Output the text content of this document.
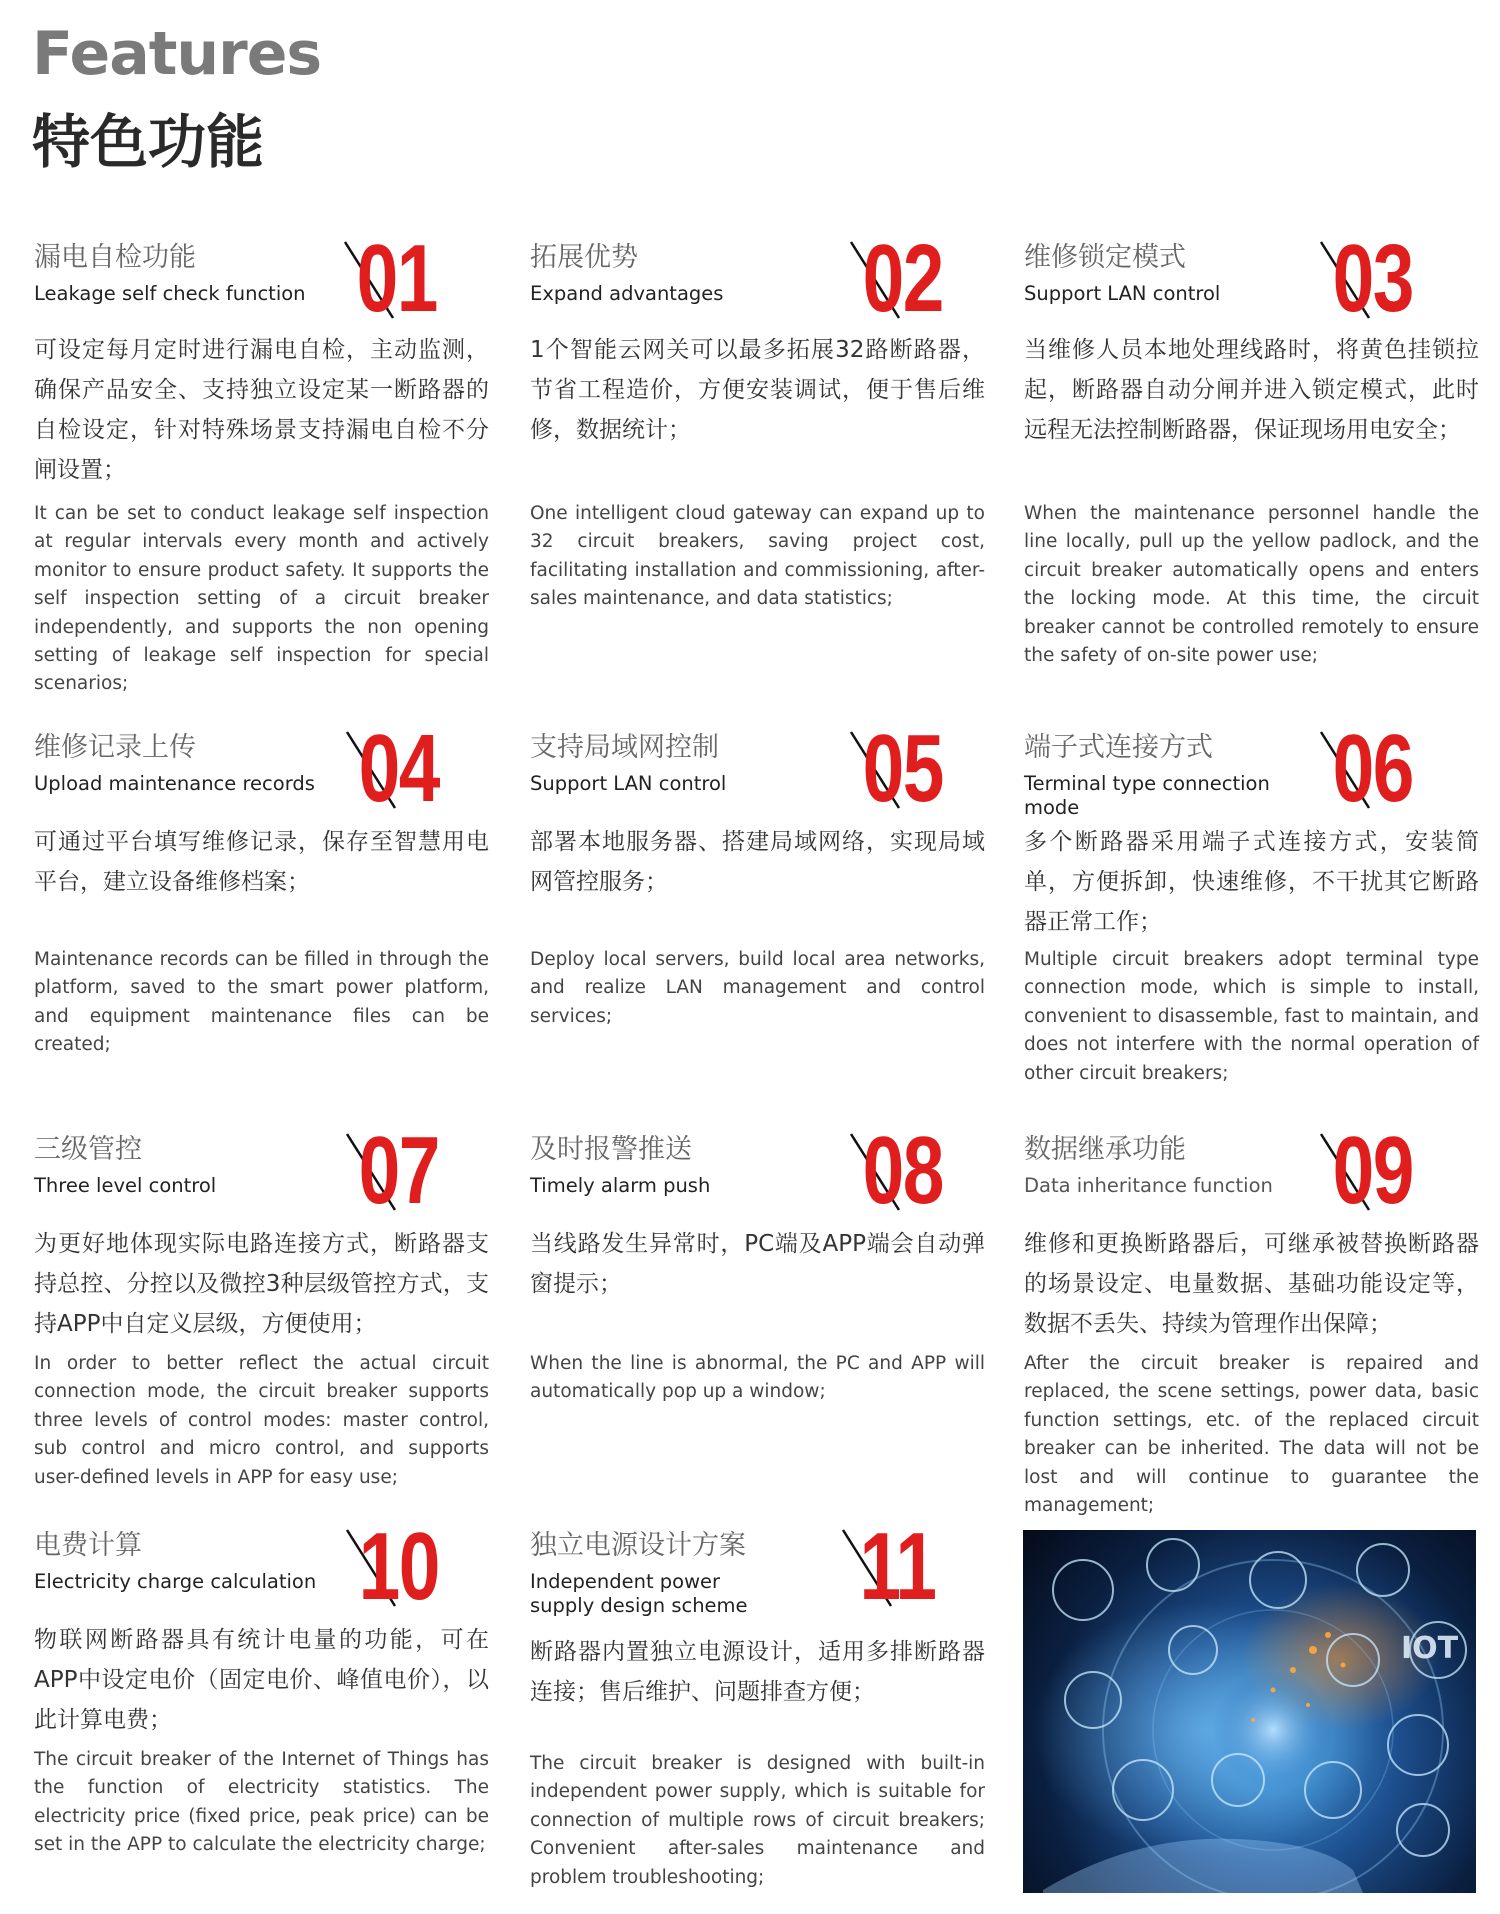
Features
特色功能
漏电自检功能
Leakage self check function 01
可设定每月定时进行漏电自检，主动监测，确保产品安全、支持独立设定某一断路器的自检设定，针对特殊场景支持漏电自检不分闸设置；
It can be set to conduct leakage self inspection at regular intervals every month and actively monitor to ensure product safety. It supports the self inspection setting of a circuit breaker independently, and supports the non opening setting of leakage self inspection for special scenarios;
拓展优势
Expand advantages	02
1个智能云网关可以最多拓展32路断路器，节省工程造价，方便安装调试，便于售后维修，数据统计；
One intelligent cloud gateway can expand up to 32 circuit breakers, saving project cost, facilitating installation and commissioning, after-sales maintenance, and data statistics;
维修锁定模式
Support LAN control	03
当维修人员本地处理线路时，将黄色挂锁拉起，断路器自动分闸并进入锁定模式，此时远程无法控制断路器，保证现场用电安全；
When the maintenance personnel handle the line locally, pull up the yellow padlock, and the circuit breaker automatically opens and enters the locking mode. At this time, the circuit breaker cannot be controlled remotely to ensure the safety of on-site power use;
维修记录上传
Upload maintenance records 04
可通过平台填写维修记录，保存至智慧用电平台，建立设备维修档案；
Maintenance records can be filled in through the platform, saved to the smart power platform, and equipment maintenance files can be created;
支持局域网控制
Support LAN control	05
部署本地服务器、搭建局域网络，实现局域网管控服务；
Deploy local servers, build local area networks, and realize LAN management and control services;
端子式连接方式
Terminal type connection mode	06
多个断路器采用端子式连接方式，安装简单，方便拆卸，快速维修，不干扰其它断路器正常工作；
Multiple circuit breakers adopt terminal type connection mode, which is simple to install, convenient to disassemble, fast to maintain, and does not interfere with the normal operation of other circuit breakers;
三级管控
Three level control	07
为更好地体现实际电路连接方式，断路器支持总控、分控以及微控3种层级管控方式，支持APP中自定义层级，方便使用；
In order to better reflect the actual circuit connection mode, the circuit breaker supports three levels of control modes: master control, sub control and micro control, and supports user-defined levels in APP for easy use;
及时报警推送
Timely alarm push	08
当线路发生异常时，PC端及APP端会自动弹窗提示；
When the line is abnormal, the PC and APP will automatically pop up a window;
数据继承功能
Data inheritance function 09
维修和更换断路器后，可继承被替换断路器的场景设定、电量数据、基础功能设定等，数据不丢失、持续为管理作出保障；
After the circuit breaker is repaired and replaced, the scene settings, power data, basic function settings, etc. of the replaced circuit breaker can be inherited. The data will not be lost and will continue to guarantee the management;
电费计算
Electricity charge calculation 10
物联网断路器具有统计电量的功能，可在APP中设定电价（固定电价、峰值电价），以此计算电费；
The circuit breaker of the Internet of Things has the function of electricity statistics. The electricity price (fixed price, peak price) can be set in the APP to calculate the electricity charge;
独立电源设计方案
Independent power supply design scheme	11
断路器内置独立电源设计，适用多排断路器连接；售后维护、问题排查方便；
The circuit breaker is designed with built-in independent power supply, which is suitable for connection of multiple rows of circuit breakers; Convenient after-sales maintenance and problem troubleshooting;
IOT
